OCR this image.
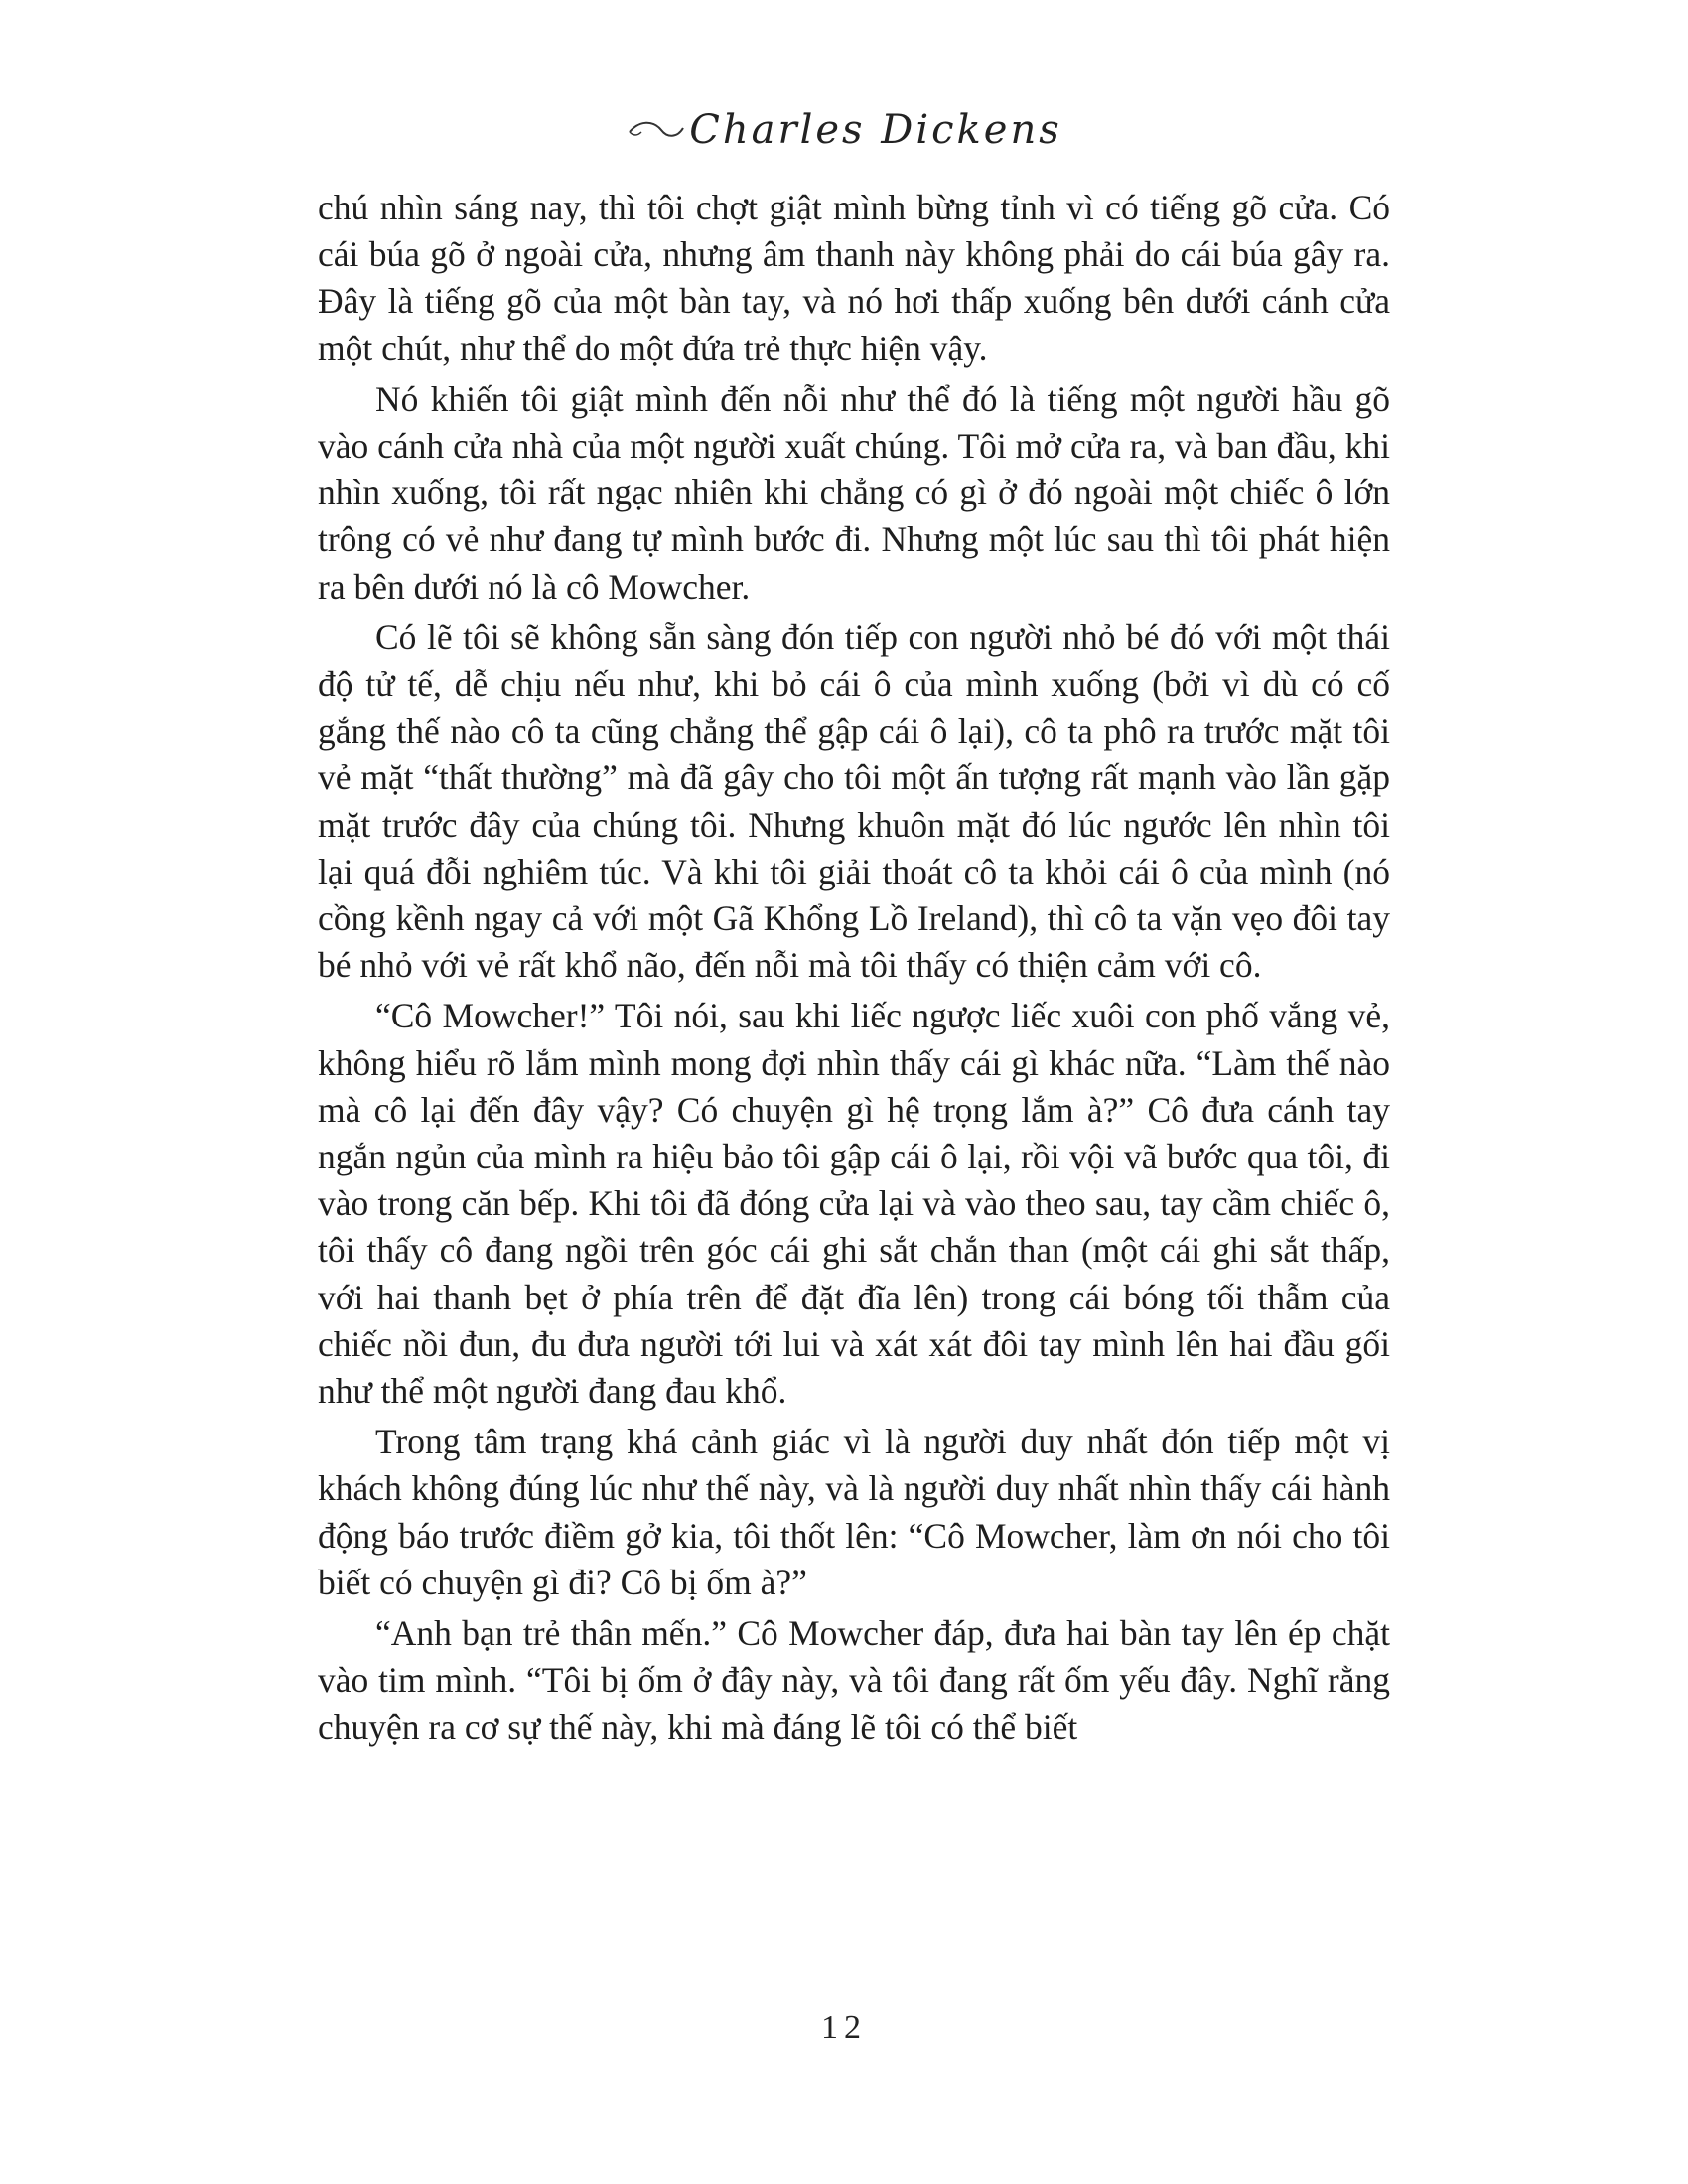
Charles Dickens

chú nhìn sáng nay, thì tôi chợt giật mình bừng tỉnh vì có tiếng gõ cửa. Có cái búa gõ ở ngoài cửa, nhưng âm thanh này không phải do cái búa gây ra. Đây là tiếng gõ của một bàn tay, và nó hơi thấp xuống bên dưới cánh cửa một chút, như thể do một đứa trẻ thực hiện vậy.

Nó khiến tôi giật mình đến nỗi như thể đó là tiếng một người hầu gõ vào cánh cửa nhà của một người xuất chúng. Tôi mở cửa ra, và ban đầu, khi nhìn xuống, tôi rất ngạc nhiên khi chẳng có gì ở đó ngoài một chiếc ô lớn trông có vẻ như đang tự mình bước đi. Nhưng một lúc sau thì tôi phát hiện ra bên dưới nó là cô Mowcher.

Có lẽ tôi sẽ không sẵn sàng đón tiếp con người nhỏ bé đó với một thái độ tử tế, dễ chịu nếu như, khi bỏ cái ô của mình xuống (bởi vì dù có cố gắng thế nào cô ta cũng chẳng thể gập cái ô lại), cô ta phô ra trước mặt tôi vẻ mặt “thất thường” mà đã gây cho tôi một ấn tượng rất mạnh vào lần gặp mặt trước đây của chúng tôi. Nhưng khuôn mặt đó lúc ngước lên nhìn tôi lại quá đỗi nghiêm túc. Và khi tôi giải thoát cô ta khỏi cái ô của mình (nó cồng kềnh ngay cả với một Gã Khổng Lồ Ireland), thì cô ta vặn vẹo đôi tay bé nhỏ với vẻ rất khổ não, đến nỗi mà tôi thấy có thiện cảm với cô.

“Cô Mowcher!” Tôi nói, sau khi liếc ngược liếc xuôi con phố vắng vẻ, không hiểu rõ lắm mình mong đợi nhìn thấy cái gì khác nữa. “Làm thế nào mà cô lại đến đây vậy? Có chuyện gì hệ trọng lắm à?” Cô đưa cánh tay ngắn ngủn của mình ra hiệu bảo tôi gập cái ô lại, rồi vội vã bước qua tôi, đi vào trong căn bếp. Khi tôi đã đóng cửa lại và vào theo sau, tay cầm chiếc ô, tôi thấy cô đang ngồi trên góc cái ghi sắt chắn than (một cái ghi sắt thấp, với hai thanh bẹt ở phía trên để đặt đĩa lên) trong cái bóng tối thẫm của chiếc nồi đun, đu đưa người tới lui và xát xát đôi tay mình lên hai đầu gối như thể một người đang đau khổ.

Trong tâm trạng khá cảnh giác vì là người duy nhất đón tiếp một vị khách không đúng lúc như thế này, và là người duy nhất nhìn thấy cái hành động báo trước điềm gở kia, tôi thốt lên: “Cô Mowcher, làm ơn nói cho tôi biết có chuyện gì đi? Cô bị ốm à?”

“Anh bạn trẻ thân mến.” Cô Mowcher đáp, đưa hai bàn tay lên ép chặt vào tim mình. “Tôi bị ốm ở đây này, và tôi đang rất ốm yếu đây. Nghĩ rằng chuyện ra cơ sự thế này, khi mà đáng lẽ tôi có thể biết

12
